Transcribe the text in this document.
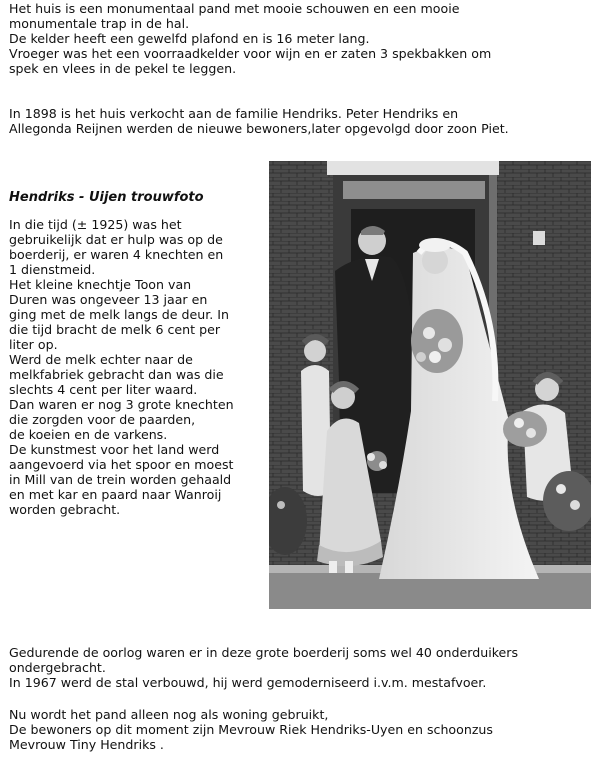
Het huis is een monumentaal pand met mooie schouwen en een mooie
monumentale trap in de hal.
De kelder heeft een gewelfd plafond en is 16 meter lang.
Vroeger was het een voorraadkelder voor wijn en er zaten 3 spekbakken om
spek en vlees in de pekel te leggen.
In 1898 is het huis verkocht aan de familie Hendriks. Peter Hendriks en
Allegonda Reijnen werden de nieuwe bewoners,later opgevolgd door zoon Piet.
Hendriks - Uijen trouwfoto
In die tijd (± 1925) was het
gebruikelijk dat er hulp was op de
boerderij, er waren 4 knechten en
1 dienstmeid.
Het kleine knechtje Toon van
Duren was ongeveer 13 jaar en
ging met de melk langs de deur. In
die tijd bracht de melk 6 cent per
liter op.
Werd de melk echter naar de
melkfabriek gebracht dan was die
slechts 4 cent per liter waard.
Dan waren er nog 3 grote knechten
die zorgden voor de paarden,
de koeien en de varkens.
De kunstmest voor het land werd
aangevoerd via het spoor en moest
in Mill van de trein worden gehaald
en met kar en paard naar Wanroij
worden gebracht.
Gedurende de oorlog waren er in deze grote boerderij soms wel 40 onderduikers
ondergebracht.
In 1967 werd de stal verbouwd, hij werd gemoderniseerd i.v.m. mestafvoer.
Nu wordt het pand alleen nog als woning gebruikt,
De bewoners op dit moment zijn Mevrouw Riek Hendriks-Uyen en schoonzus
Mevrouw Tiny Hendriks .
